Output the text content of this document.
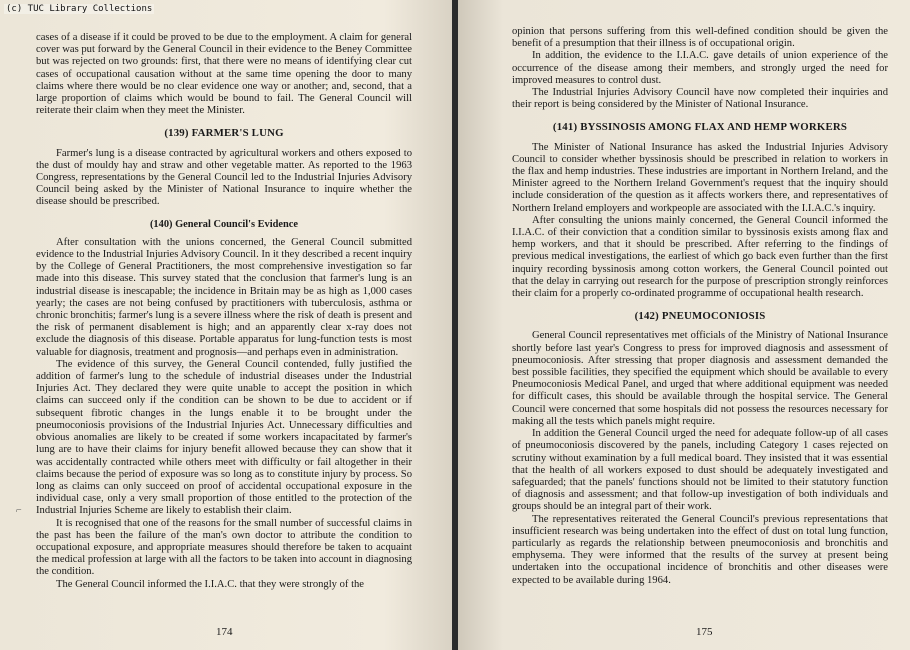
cases of a disease if it could be proved to be due to the employment. A claim for general cover was put forward by the General Council in their evidence to the Beney Committee but was rejected on two grounds: first, that there were no means of identifying clear cut cases of occupational causation without at the same time opening the door to many claims where there would be no clear evidence one way or another; and, second, that a large proportion of claims which would be bound to fail. The General Council will reiterate their claim when they meet the Minister.

(139) FARMER'S LUNG

Farmer's lung is a disease contracted by agricultural workers and others exposed to the dust of mouldy hay and straw and other vegetable matter. As reported to the 1963 Congress, representations by the General Council led to the Industrial Injuries Advisory Council being asked by the Minister of National Insurance to inquire whether the disease should be prescribed.

(140) General Council's Evidence

After consultation with the unions concerned, the General Council submitted evidence to the Industrial Injuries Advisory Council. In it they described a recent inquiry by the College of General Practitioners, the most comprehensive investigation so far made into this disease. This survey stated that the conclusion that farmer's lung is an industrial disease is inescapable; the incidence in Britain may be as high as 1,000 cases yearly; the cases are not being confused by practitioners with tuberculosis, asthma or chronic bronchitis; farmer's lung is a severe illness where the risk of death is present and the risk of permanent disablement is high; and an apparently clear x-ray does not exclude the diagnosis of this disease. Portable apparatus for lung-function tests is most valuable for diagnosis, treatment and prognosis—and perhaps even in administration.

The evidence of this survey, the General Council contended, fully justified the addition of farmer's lung to the schedule of industrial diseases under the Industrial Injuries Act. They declared they were quite unable to accept the position in which claims can succeed only if the condition can be shown to be due to accident or if subsequent fibrotic changes in the lungs enable it to be brought under the pneumoconiosis provisions of the Industrial Injuries Act. Unnecessary difficulties and obvious anomalies are likely to be created if some workers incapacitated by farmer's lung are to have their claims for injury benefit allowed because they can show that it was accidentally contracted while others meet with difficulty or fail altogether in their claims because the period of exposure was so long as to constitute injury by process. So long as claims can only succeed on proof of accidental occupational exposure in the individual case, only a very small proportion of those entitled to the protection of the Industrial Injuries Scheme are likely to establish their claim.

It is recognised that one of the reasons for the small number of successful claims in the past has been the failure of the man's own doctor to attribute the condition to occupational exposure, and appropriate measures should therefore be taken to acquaint the medical profession at large with all the factors to be taken into account in diagnosing the condition.

The General Council informed the I.I.A.C. that they were strongly of the

174
⌐

opinion that persons suffering from this well-defined condition should be given the benefit of a presumption that their illness is of occupational origin.

In addition, the evidence to the I.I.A.C. gave details of union experience of the occurrence of the disease among their members, and strongly urged the need for improved measures to control dust.

The Industrial Injuries Advisory Council have now completed their inquiries and their report is being considered by the Minister of National Insurance.

(141) BYSSINOSIS AMONG FLAX AND HEMP WORKERS

The Minister of National Insurance has asked the Industrial Injuries Advisory Council to consider whether byssinosis should be prescribed in relation to workers in the flax and hemp industries. These industries are important in Northern Ireland, and the Minister agreed to the Northern Ireland Government's request that the inquiry should include consideration of the question as it affects workers there, and representatives of Northern Ireland employers and workpeople are associated with the I.I.A.C.'s inquiry.

After consulting the unions mainly concerned, the General Council informed the I.I.A.C. of their conviction that a condition similar to byssinosis exists among flax and hemp workers, and that it should be prescribed. After referring to the findings of previous medical investigations, the earliest of which go back even further than the first inquiry recording byssinosis among cotton workers, the General Council pointed out that the delay in carrying out research for the purpose of prescription strongly reinforces their claim for a properly co-ordinated programme of occupational health research.

(142) PNEUMOCONIOSIS

General Council representatives met officials of the Ministry of National Insurance shortly before last year's Congress to press for improved diagnosis and assessment of pneumoconiosis. After stressing that proper diagnosis and assessment demanded the best possible facilities, they specified the equipment which should be available to every Pneumoconiosis Medical Panel, and urged that where additional equipment was needed for difficult cases, this should be available through the hospital service. The General Council were concerned that some hospitals did not possess the resources necessary for making all the tests which panels might require.

In addition the General Council urged the need for adequate follow-up of all cases of pneumoconiosis discovered by the panels, including Category 1 cases rejected on scrutiny without examination by a full medical board. They insisted that it was essential that the health of all workers exposed to dust should be adequately investigated and safeguarded; that the panels' functions should not be limited to their statutory function of diagnosis and assessment; and that follow-up investigation of both individuals and groups should be an integral part of their work.

The representatives reiterated the General Council's previous representations that insufficient research was being undertaken into the effect of dust on total lung function, particularly as regards the relationship between pneumoconiosis and bronchitis and emphysema. They were informed that the results of the survey at present being undertaken into the occupational incidence of bronchitis and other diseases were expected to be available during 1964.

175
(c) TUC Library Collections
